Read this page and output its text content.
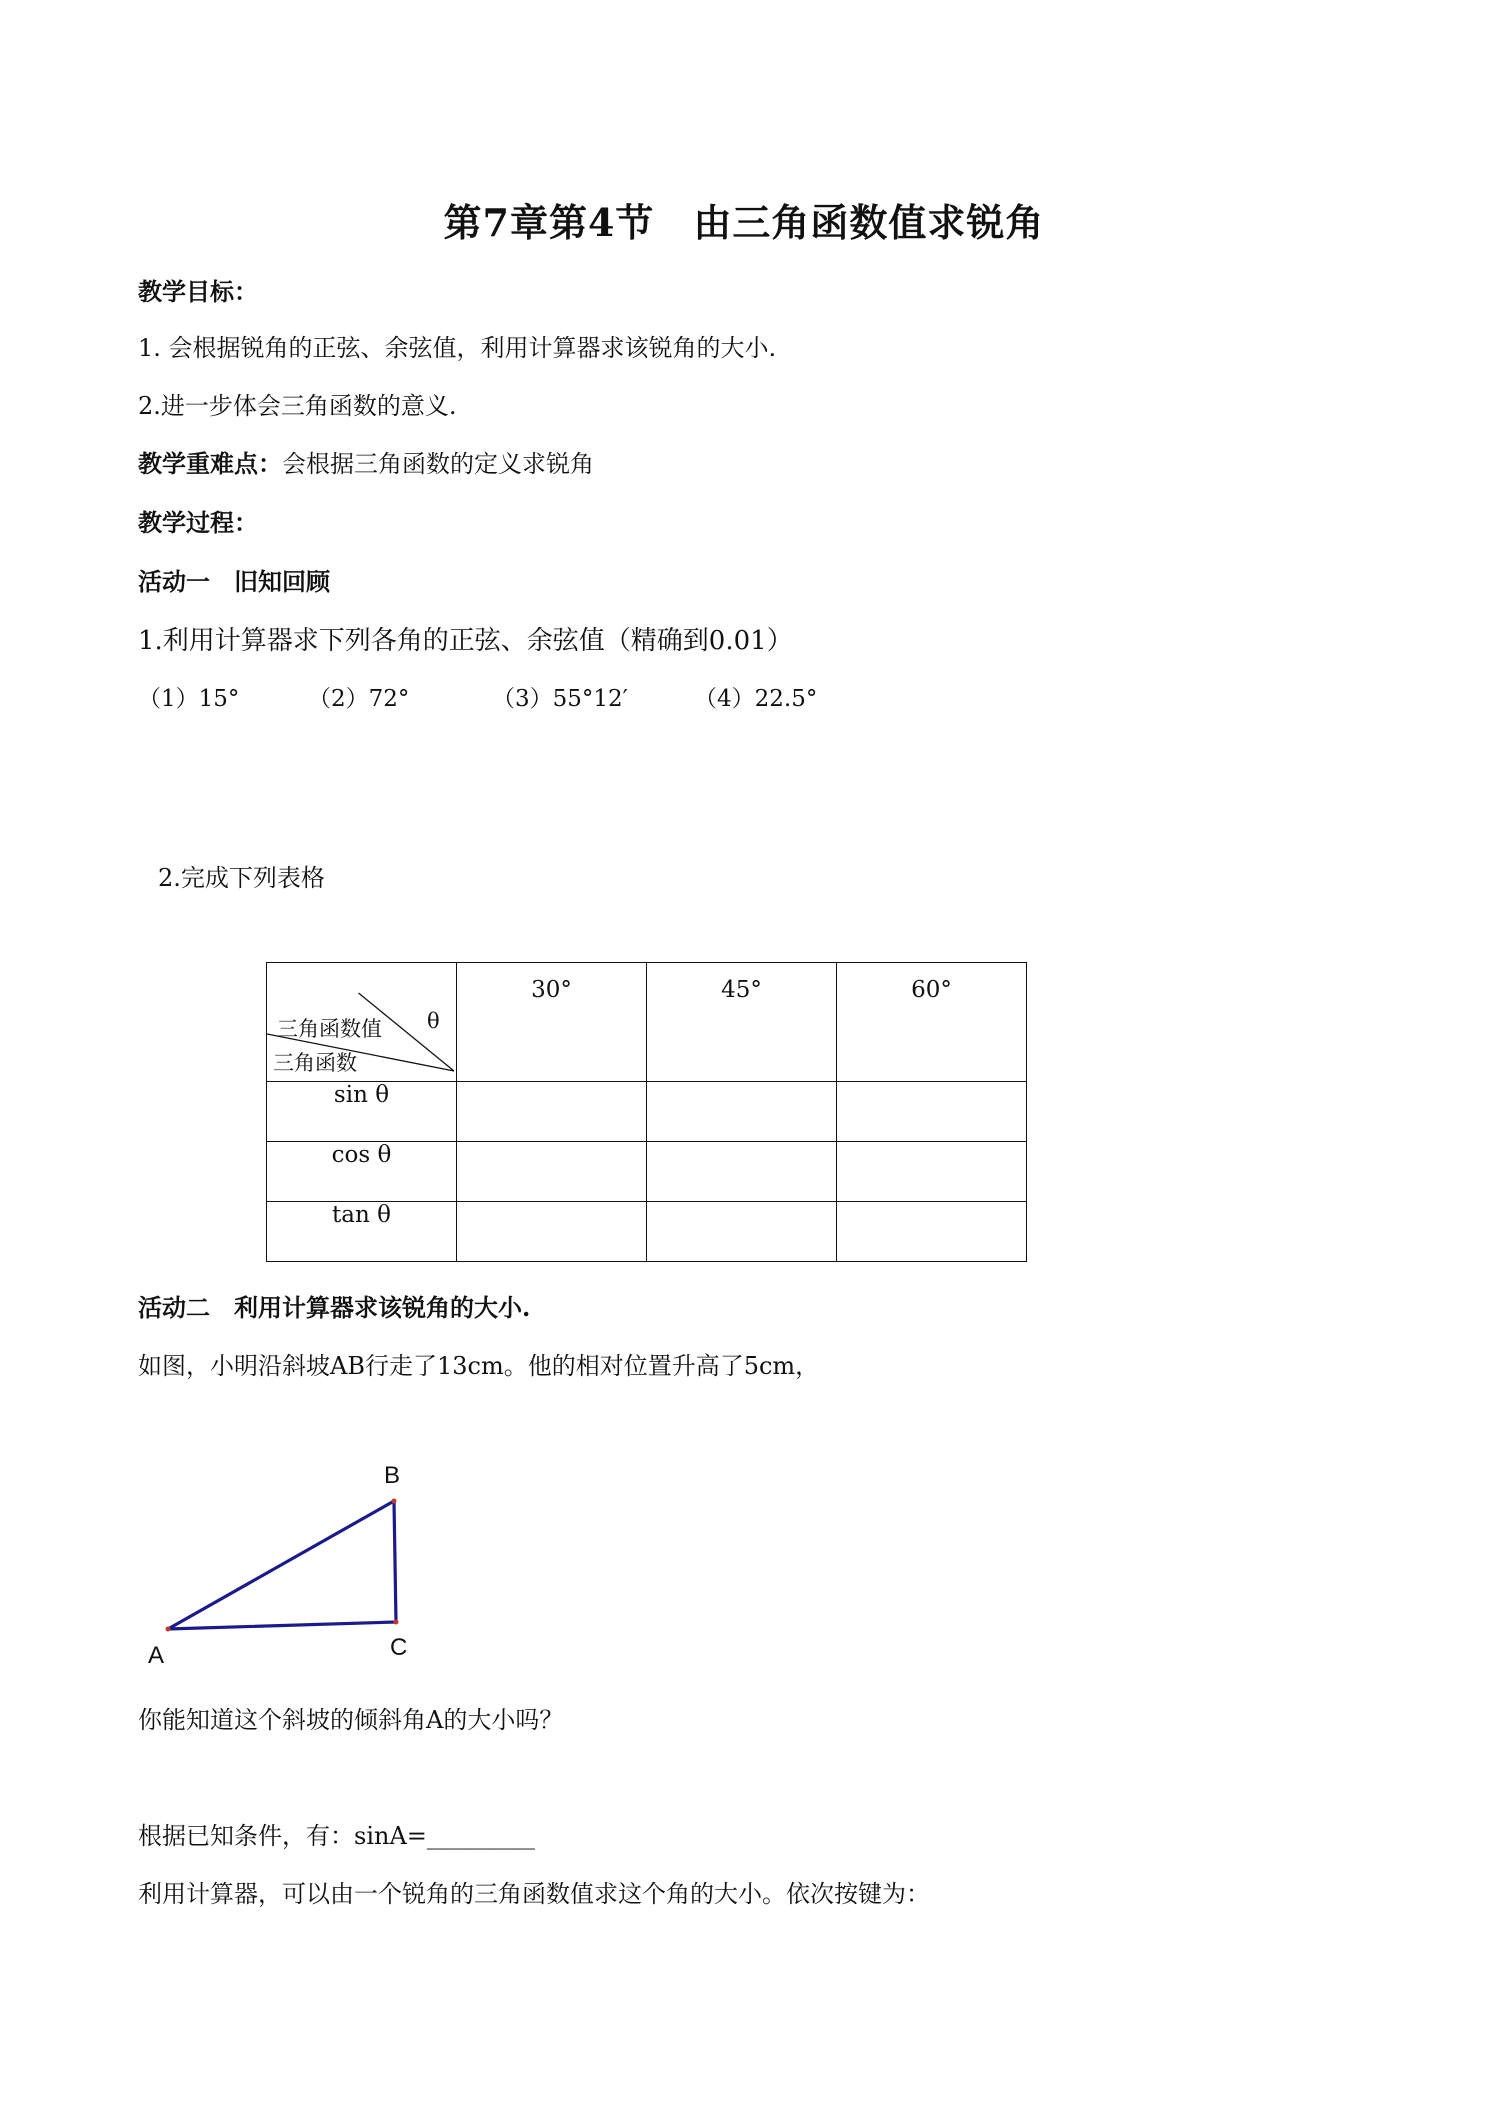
第7章第4节　由三角函数值求锐角
教学目标：
1. 会根据锐角的正弦、余弦值，利用计算器求该锐角的大小.
2.进一步体会三角函数的意义.
教学重难点：会根据三角函数的定义求锐角
教学过程：
活动一　旧知回顾
1.利用计算器求下列各角的正弦、余弦值（精确到0.01）
（1）15°	（2）72°	（3）55°12′	（4）22.5°
2.完成下列表格
θ
三角函数值
三角函数	30°	45°	60°

sin θ			
cos θ			
tan θ			
活动二　利用计算器求该锐角的大小.
如图，小明沿斜坡AB行走了13cm。他的相对位置升高了5cm，
A
B
C
你能知道这个斜坡的倾斜角A的大小吗？
根据已知条件，有：sinA=_________
利用计算器，可以由一个锐角的三角函数值求这个角的大小。依次按键为：
